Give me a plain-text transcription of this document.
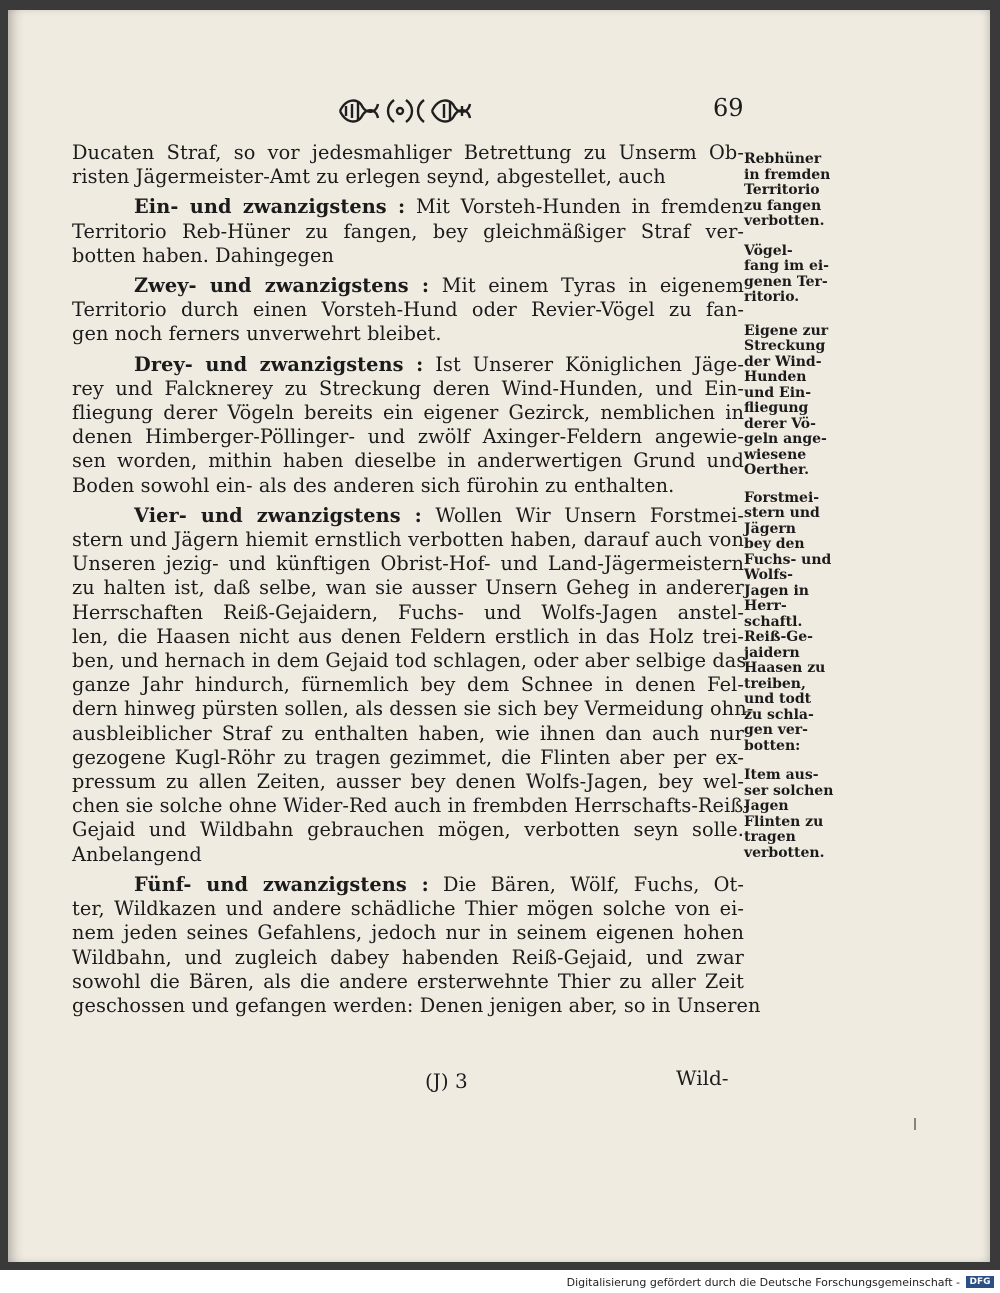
69
Ducaten Straf, so vor jedesmahliger Betrettung zu Unserm Ob-
risten Jägermeister-Amt zu erlegen seynd, abgestellet, auch
Ein- und zwanzigstens : Mit Vorsteh-Hunden in fremden
Territorio Reb-Hüner zu fangen, bey gleichmäßiger Straf ver-
botten haben. Dahingegen
Zwey- und zwanzigstens : Mit einem Tyras in eigenem
Territorio durch einen Vorsteh-Hund oder Revier-Vögel zu fan-
gen noch ferners unverwehrt bleibet.
Drey- und zwanzigstens : Ist Unserer Königlichen Jäge-
rey und Falcknerey zu Streckung deren Wind-Hunden, und Ein-
fliegung derer Vögeln bereits ein eigener Gezirck, nemblichen in
denen Himberger-Pöllinger- und zwölf Axinger-Feldern angewie-
sen worden, mithin haben dieselbe in anderwertigen Grund und
Boden sowohl ein- als des anderen sich fürohin zu enthalten.
Vier- und zwanzigstens : Wollen Wir Unsern Forstmei-
stern und Jägern hiemit ernstlich verbotten haben, darauf auch von
Unseren jezig- und künftigen Obrist-Hof- und Land-Jägermeistern
zu halten ist, daß selbe, wan sie ausser Unsern Geheg in anderer
Herrschaften Reiß-Gejaidern, Fuchs- und Wolfs-Jagen anstel-
len, die Haasen nicht aus denen Feldern erstlich in das Holz trei-
ben, und hernach in dem Gejaid tod schlagen, oder aber selbige das
ganze Jahr hindurch, fürnemlich bey dem Schnee in denen Fel-
dern hinweg pürsten sollen, als dessen sie sich bey Vermeidung ohn-
ausbleiblicher Straf zu enthalten haben, wie ihnen dan auch nur
gezogene Kugl-Röhr zu tragen gezimmet, die Flinten aber per ex-
pressum zu allen Zeiten, ausser bey denen Wolfs-Jagen, bey wel-
chen sie solche ohne Wider-Red auch in frembden Herrschafts-Reiß-
Gejaid und Wildbahn gebrauchen mögen, verbotten seyn solle.
Anbelangend
Fünf- und zwanzigstens : Die Bären, Wölf, Fuchs, Ot-
ter, Wildkazen und andere schädliche Thier mögen solche von ei-
nem jeden seines Gefahlens, jedoch nur in seinem eigenen hohen
Wildbahn, und zugleich dabey habenden Reiß-Gejaid, und zwar
sowohl die Bären, als die andere ersterwehnte Thier zu aller Zeit
geschossen und gefangen werden: Denen jenigen aber, so in Unseren
Rebhüner
in fremden
Territorio
zu fangen
verbotten.
Vögel-
fang im ei-
genen Ter-
ritorio.
Eigene zur
Streckung
der Wind-
Hunden
und Ein-
fliegung
derer Vö-
geln ange-
wiesene
Oerther.
Forstmei-
stern und
Jägern
bey den
Fuchs- und
Wolfs-
Jagen in
Herr-
schaftl.
Reiß-Ge-
jaidern
Haasen zu
treiben,
und todt
zu schla-
gen ver-
botten:
Item aus-
ser solchen
Jagen
Flinten zu
tragen
verbotten.
(J) 3	Wild-
Digitalisierung gefördert durch die Deutsche Forschungsgemeinschaft -	DFG
